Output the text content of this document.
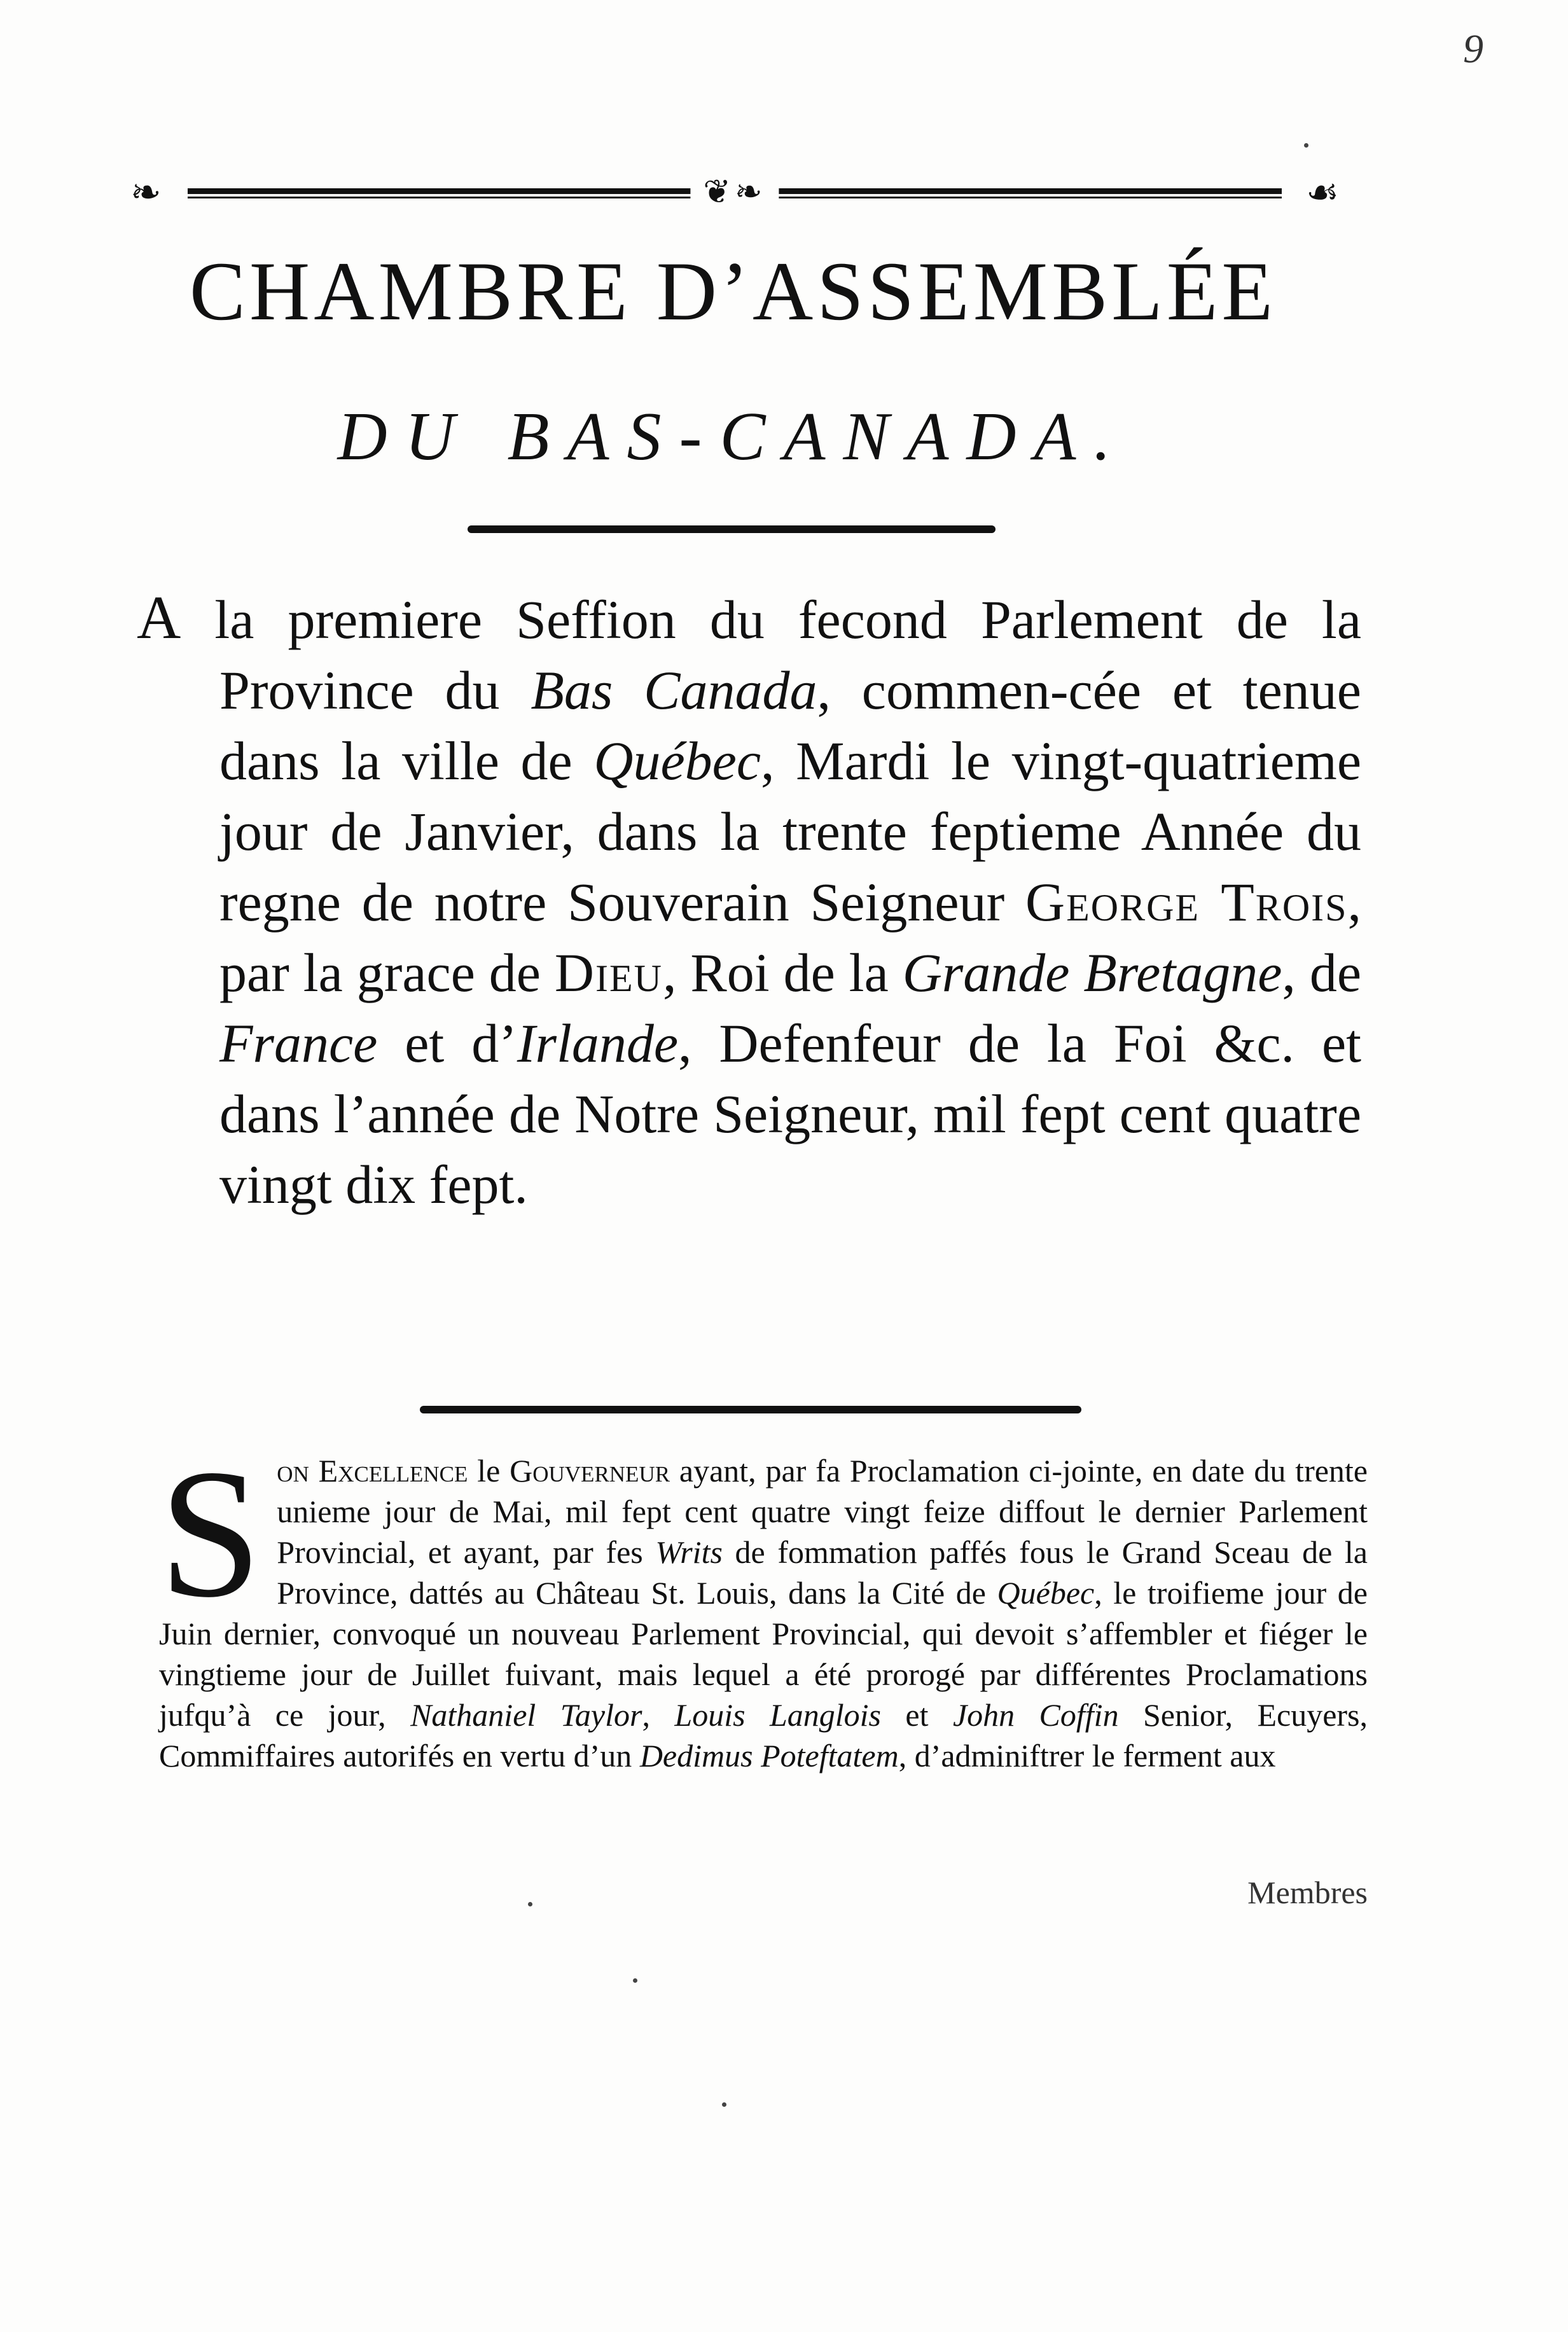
9
❧	❦❧	☙
CHAMBRE D’ASSEMBLÉE
DU BAS-CANADA.

A la premiere Seffion du fecond Parlement de la Province du Bas Canada, commen-cée et tenue dans la ville de Québec, Mardi le vingt-quatrieme jour de Janvier, dans la trente feptieme Année du regne de notre Souverain Seigneur George Trois, par la grace de Dieu, Roi de la Grande Bretagne, de France et d’Irlande, Defenfeur de la Foi &c. et dans l’année de Notre Seigneur, mil fept cent quatre vingt dix fept.

Son Excellence le Gouverneur ayant, par fa Proclamation ci-jointe, en date du trente unieme jour de Mai, mil fept cent quatre vingt feize diffout le dernier Parlement Provincial, et ayant, par fes Writs de fommation paffés fous le Grand Sceau de la Province, dattés au Château St. Louis, dans la Cité de Québec, le troifieme jour de Juin dernier, convoqué un nouveau Parlement Provincial, qui devoit s’affembler et fiéger le vingtieme jour de Juillet fuivant, mais lequel a été prorogé par différentes Proclamations jufqu’à ce jour, Nathaniel Taylor, Louis Langlois et John Coffin Senior, Ecuyers, Commiffaires autorifés en vertu d’un Dedimus Poteftatem, d’adminiftrer le ferment aux
Membres
